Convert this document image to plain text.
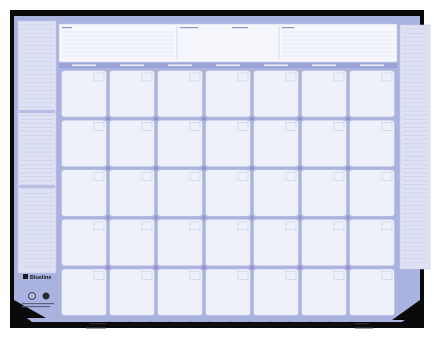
Blueline
